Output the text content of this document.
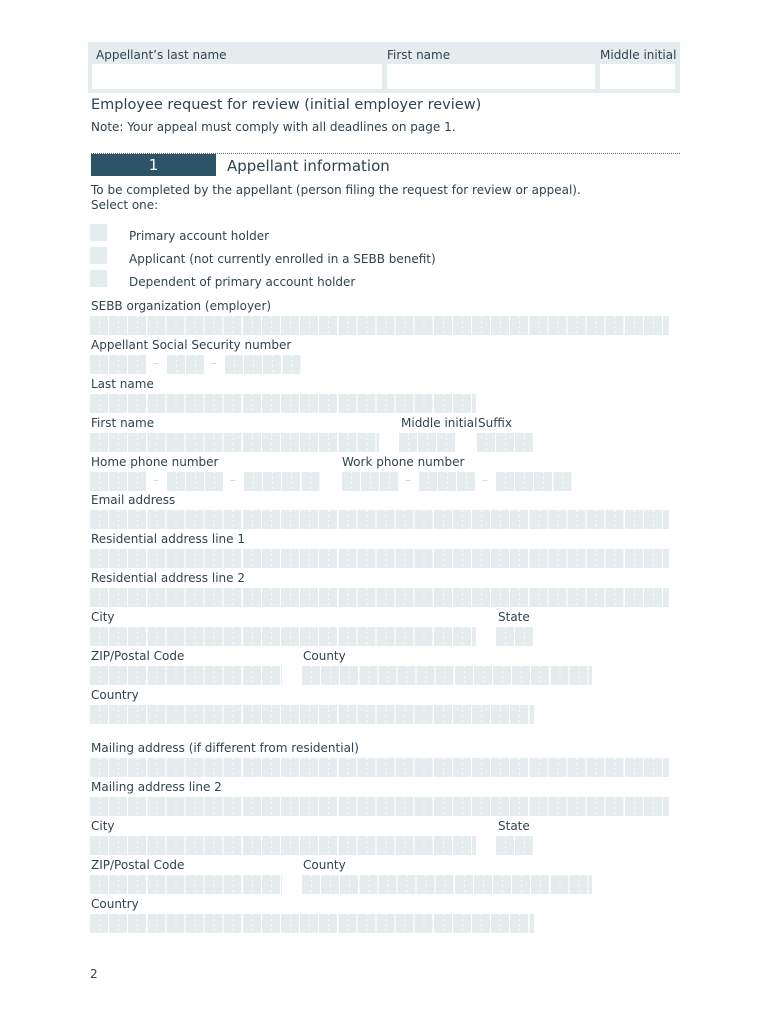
Appellant’s last name	First name	Middle initial
Employee request for review (initial employer review)
Note: Your appeal must comply with all deadlines on page 1.
1	Appellant information
To be completed by the appellant (person filing the request for review or appeal).
Select one:
Primary account holder
Applicant (not currently enrolled in a SEBB benefit)
Dependent of primary account holder
SEBB organization (employer)
Appellant Social Security number
–	–
Last name
First name	Middle initial Suffix
Home phone number	Work phone number
–	–	–	–
Email address
Residential address line 1
Residential address line 2
City	State
ZIP/Postal Code	County
Country
Mailing address (if different from residential)
Mailing address line 2
City	State
ZIP/Postal Code	County
Country
2
